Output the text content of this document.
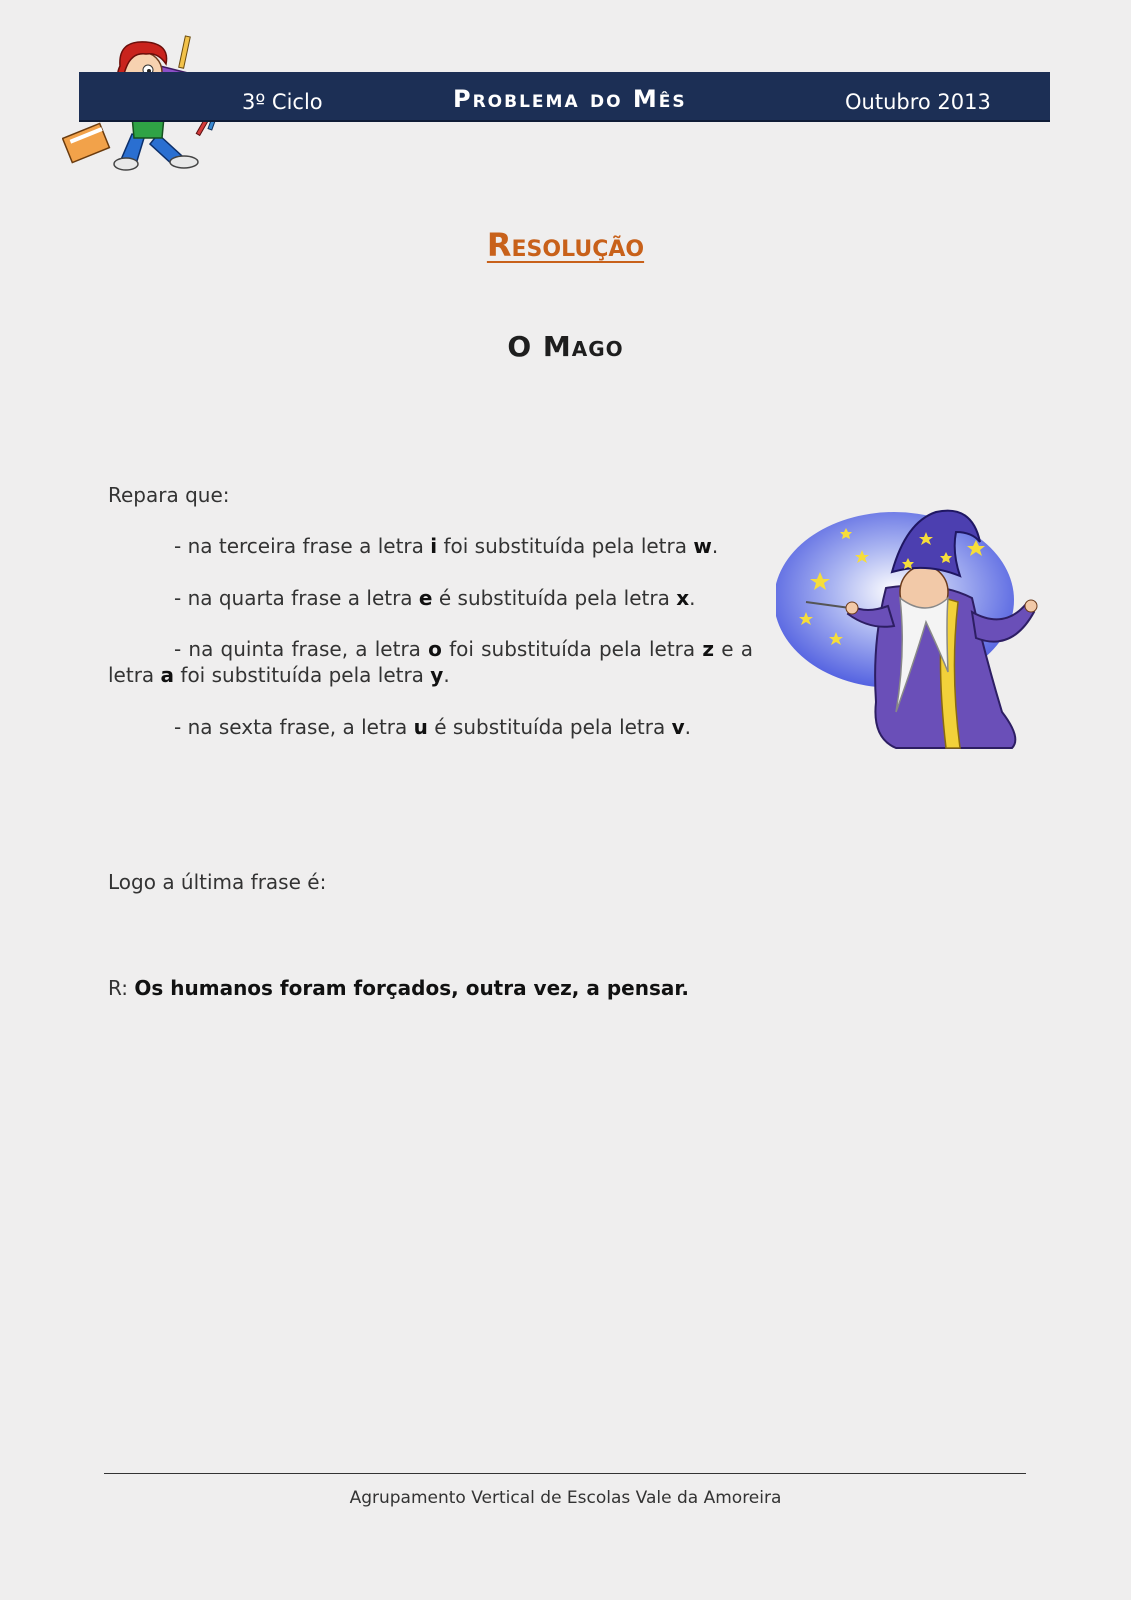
3º Ciclo	Problema do Mês	Outubro 2013
Resolução
O Mago
Repara que:
- na terceira frase a letra i foi substituída pela letra w.
- na quarta frase a letra e é substituída pela letra x.
- na quinta frase, a letra o foi substituída pela letra z e a letra a foi substituída pela letra y.
- na sexta frase, a letra u é substituída pela letra v.
Logo a última frase é:
R: Os humanos foram forçados, outra vez, a pensar.
Agrupamento Vertical de Escolas Vale da Amoreira
